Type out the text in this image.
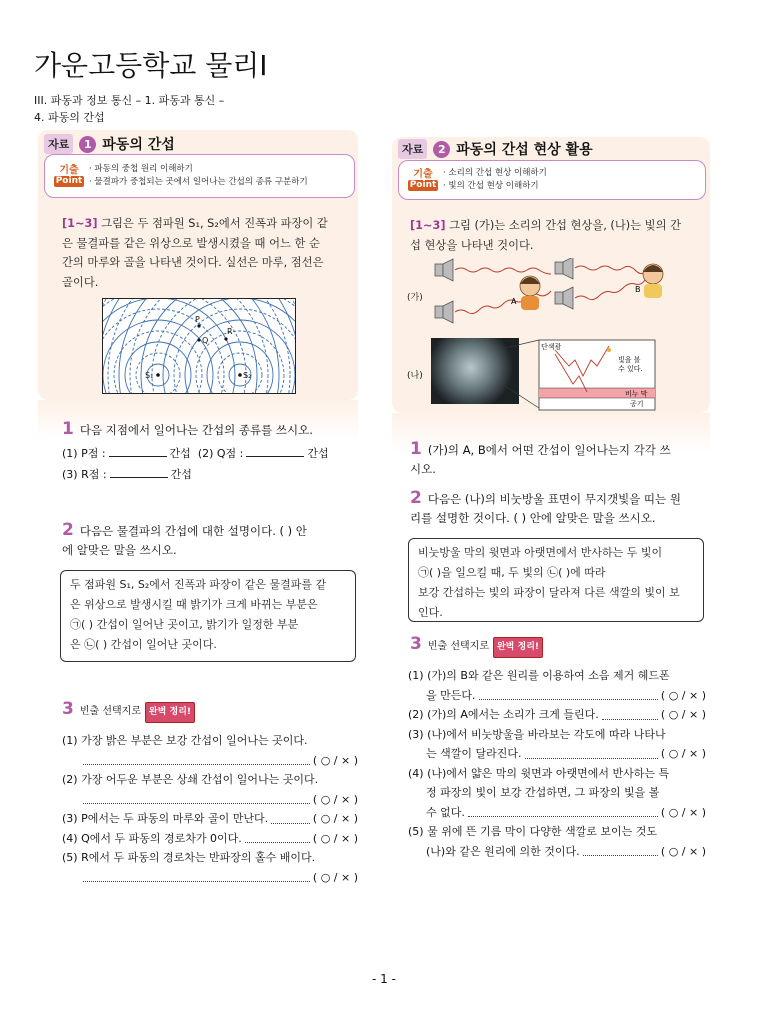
가운고등학교 물리I
III. 파동과 정보 통신 – 1. 파동과 통신 –
4. 파동의 간섭
자료	1 파동의 간섭
기출
Point
· 파동의 중첩 원리 이해하기
· 물결파가 중첩되는 곳에서 일어나는 간섭의 종류 구분하기
[1~3] 그림은 두 점파원 S₁, S₂에서 진폭과 파장이 같
은 물결파를 같은 위상으로 발생시켰을 때 어느 한 순
간의 마루와 골을 나타낸 것이다. 실선은 마루, 점선은
골이다.
S₁	S₂
P
Q
R
1 다음 지점에서 일어나는 간섭의 종류를 쓰시오.
(1) P점 :	간섭 (2) Q점 :	간섭
(3) R점 :	간섭
2 다음은 물결파의 간섭에 대한 설명이다. ( ) 안
에 알맞은 말을 쓰시오.
두 점파원 S₁, S₂에서 진폭과 파장이 같은 물결파를 같
은 위상으로 발생시킬 때 밝기가 크게 바뀌는 부분은
㉠( ) 간섭이 일어난 곳이고, 밝기가 일정한 부분
은 ㉡( ) 간섭이 일어난 곳이다.
3 빈출 선택지로 완벽 정리!
(1) 가장 밝은 부분은 보강 간섭이 일어나는 곳이다.
( ○ / × )
(2) 가장 어두운 부분은 상쇄 간섭이 일어나는 곳이다.
( ○ / × )
(3) P에서는 두 파동의 마루와 골이 만난다.	( ○ / × )
(4) Q에서 두 파동의 경로차가 0이다.	( ○ / × )
(5) R에서 두 파동의 경로차는 반파장의 홀수 배이다.
( ○ / × )
자료	2 파동의 간섭 현상 활용
기출
Point
· 소리의 간섭 현상 이해하기
· 빛의 간섭 현상 이해하기
[1~3] 그림 (가)는 소리의 간섭 현상을, (나)는 빛의 간
섭 현상을 나타낸 것이다.
(가)	A
B
(나)
단색광
빛을 볼
수 있다.
비누 막
공기
1 (가)의 A, B에서 어떤 간섭이 일어나는지 각각 쓰
시오.
2 다음은 (나)의 비눗방울 표면이 무지갯빛을 띠는 원
리를 설명한 것이다. ( ) 안에 알맞은 말을 쓰시오.
비눗방울 막의 윗면과 아랫면에서 반사하는 두 빛이
㉠( )을 일으킬 때, 두 빛의 ㉡( )에 따라
보강 간섭하는 빛의 파장이 달라져 다른 색깔의 빛이 보
인다.
3 빈출 선택지로 완벽 정리!
(1) (가)의 B와 같은 원리를 이용하여 소음 제거 헤드폰
을 만든다.	( ○ / × )
(2) (가)의 A에서는 소리가 크게 들린다.	( ○ / × )
(3) (나)에서 비눗방울을 바라보는 각도에 따라 나타나
는 색깔이 달라진다.	( ○ / × )
(4) (나)에서 얇은 막의 윗면과 아랫면에서 반사하는 특
정 파장의 빛이 보강 간섭하면, 그 파장의 빛을 볼
수 없다.	( ○ / × )
(5) 물 위에 뜬 기름 막이 다양한 색깔로 보이는 것도
(나)와 같은 원리에 의한 것이다.	( ○ / × )
- 1 -
